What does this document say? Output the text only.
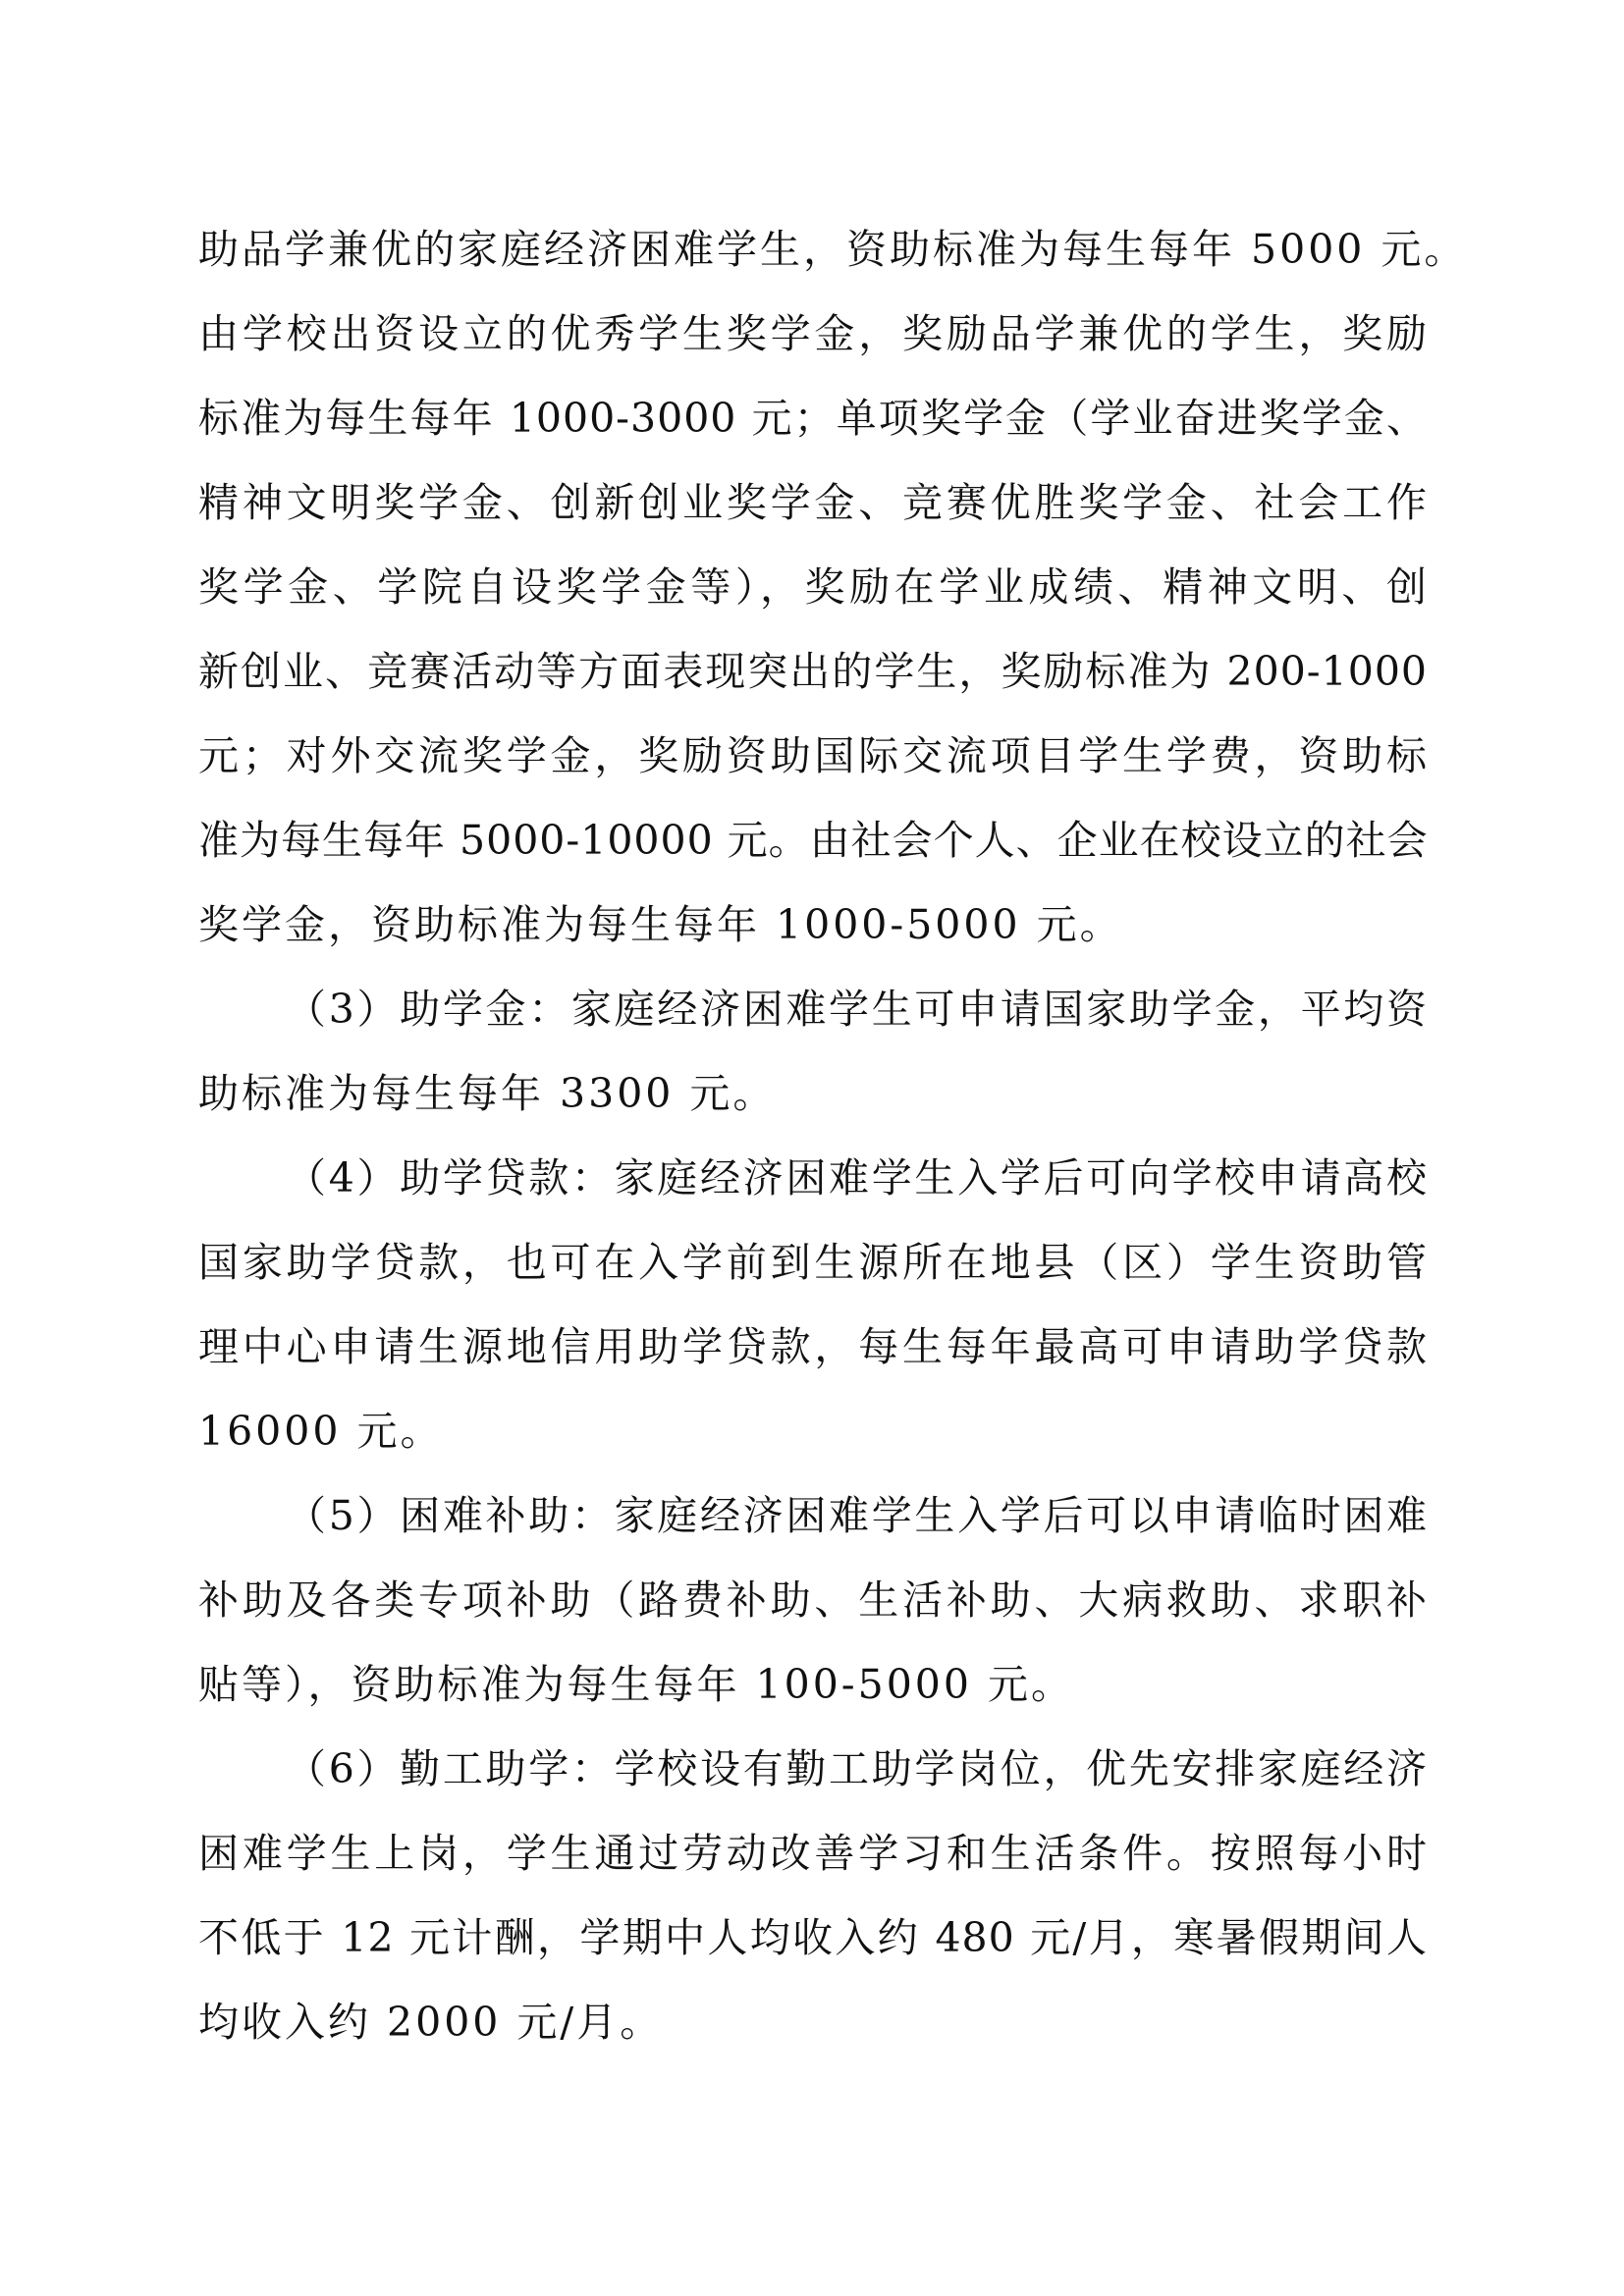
助品学兼优的家庭经济困难学生，资助标准为每生每年 5000 元。
由学校出资设立的优秀学生奖学金，奖励品学兼优的学生，奖励
标准为每生每年 1000-3000 元；单项奖学金（学业奋进奖学金、
精神文明奖学金、创新创业奖学金、竞赛优胜奖学金、社会工作
奖学金、学院自设奖学金等），奖励在学业成绩、精神文明、创
新创业、竞赛活动等方面表现突出的学生，奖励标准为 200-1000
元；对外交流奖学金，奖励资助国际交流项目学生学费，资助标
准为每生每年 5000-10000 元。由社会个人、企业在校设立的社会
奖学金，资助标准为每生每年 1000-5000 元。
（3）助学金：家庭经济困难学生可申请国家助学金，平均资
助标准为每生每年 3300 元。
（4）助学贷款：家庭经济困难学生入学后可向学校申请高校
国家助学贷款，也可在入学前到生源所在地县（区）学生资助管
理中心申请生源地信用助学贷款，每生每年最高可申请助学贷款
16000 元。
（5）困难补助：家庭经济困难学生入学后可以申请临时困难
补助及各类专项补助（路费补助、生活补助、大病救助、求职补
贴等），资助标准为每生每年 100-5000 元。
（6）勤工助学：学校设有勤工助学岗位，优先安排家庭经济
困难学生上岗，学生通过劳动改善学习和生活条件。按照每小时
不低于 12 元计酬，学期中人均收入约 480 元/月，寒暑假期间人
均收入约 2000 元/月。
